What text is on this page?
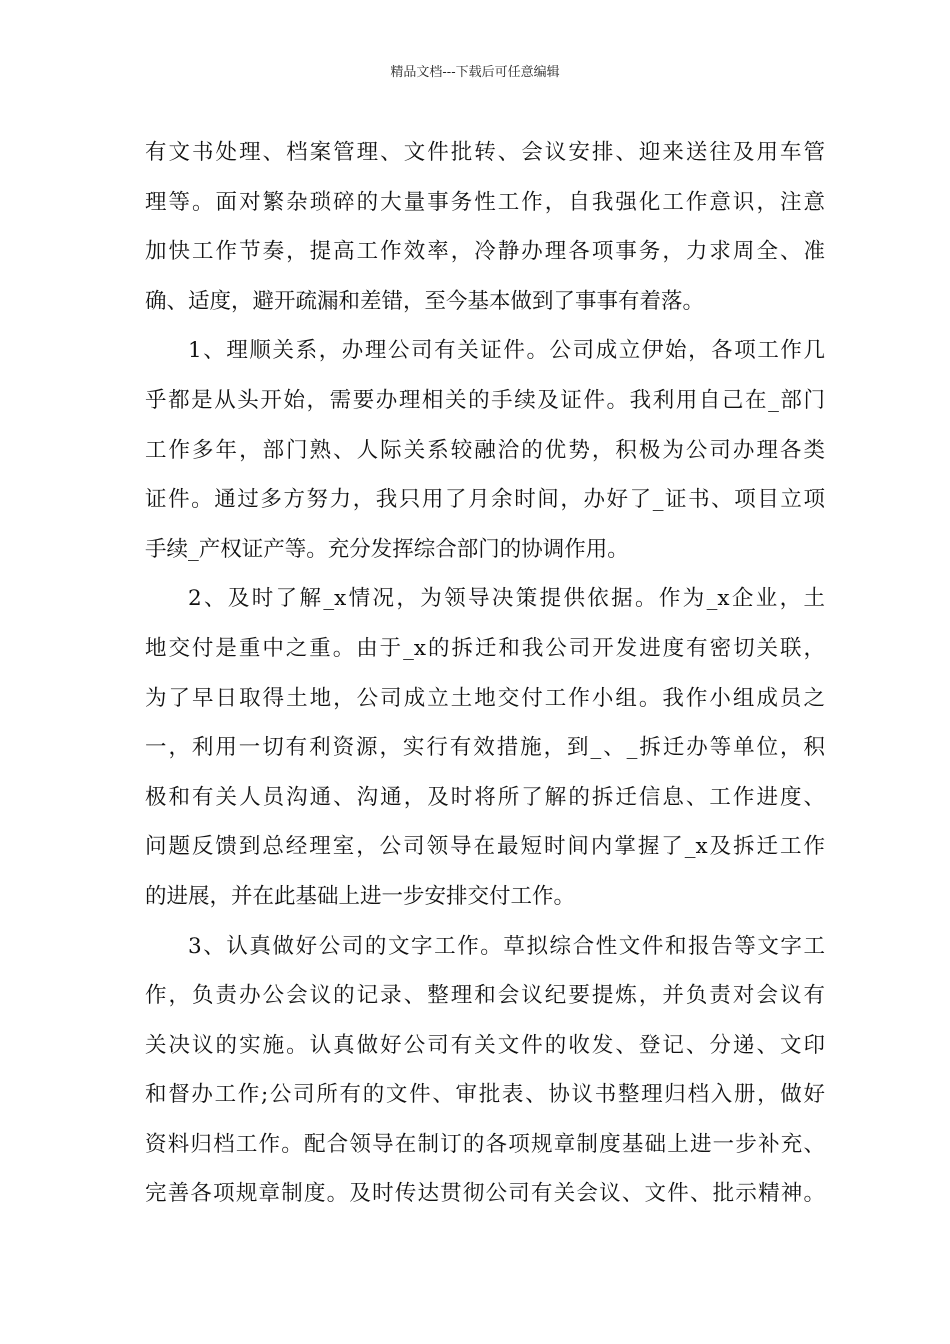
精品文档---下载后可任意编辑
有文书处理、档案管理、文件批转、会议安排、迎来送往及用车管
理等。面对繁杂琐碎的大量事务性工作，自我强化工作意识，注意
加快工作节奏，提高工作效率，冷静办理各项事务，力求周全、准
确、适度，避开疏漏和差错，至今基本做到了事事有着落。
1、理顺关系，办理公司有关证件。公司成立伊始，各项工作几
乎都是从头开始，需要办理相关的手续及证件。我利用自己在_部门
工作多年，部门熟、人际关系较融洽的优势，积极为公司办理各类
证件。通过多方努力，我只用了月余时间，办好了_证书、项目立项
手续_产权证产等。充分发挥综合部门的协调作用。
2、及时了解_x情况，为领导决策提供依据。作为_x企业，土
地交付是重中之重。由于_x的拆迁和我公司开发进度有密切关联，
为了早日取得土地，公司成立土地交付工作小组。我作小组成员之
一，利用一切有利资源，实行有效措施，到_、_拆迁办等单位，积
极和有关人员沟通、沟通，及时将所了解的拆迁信息、工作进度、
问题反馈到总经理室，公司领导在最短时间内掌握了_x及拆迁工作
的进展，并在此基础上进一步安排交付工作。
3、认真做好公司的文字工作。草拟综合性文件和报告等文字工
作，负责办公会议的记录、整理和会议纪要提炼，并负责对会议有
关决议的实施。认真做好公司有关文件的收发、登记、分递、文印
和督办工作;公司所有的文件、审批表、协议书整理归档入册，做好
资料归档工作。配合领导在制订的各项规章制度基础上进一步补充、
完善各项规章制度。及时传达贯彻公司有关会议、文件、批示精神。
